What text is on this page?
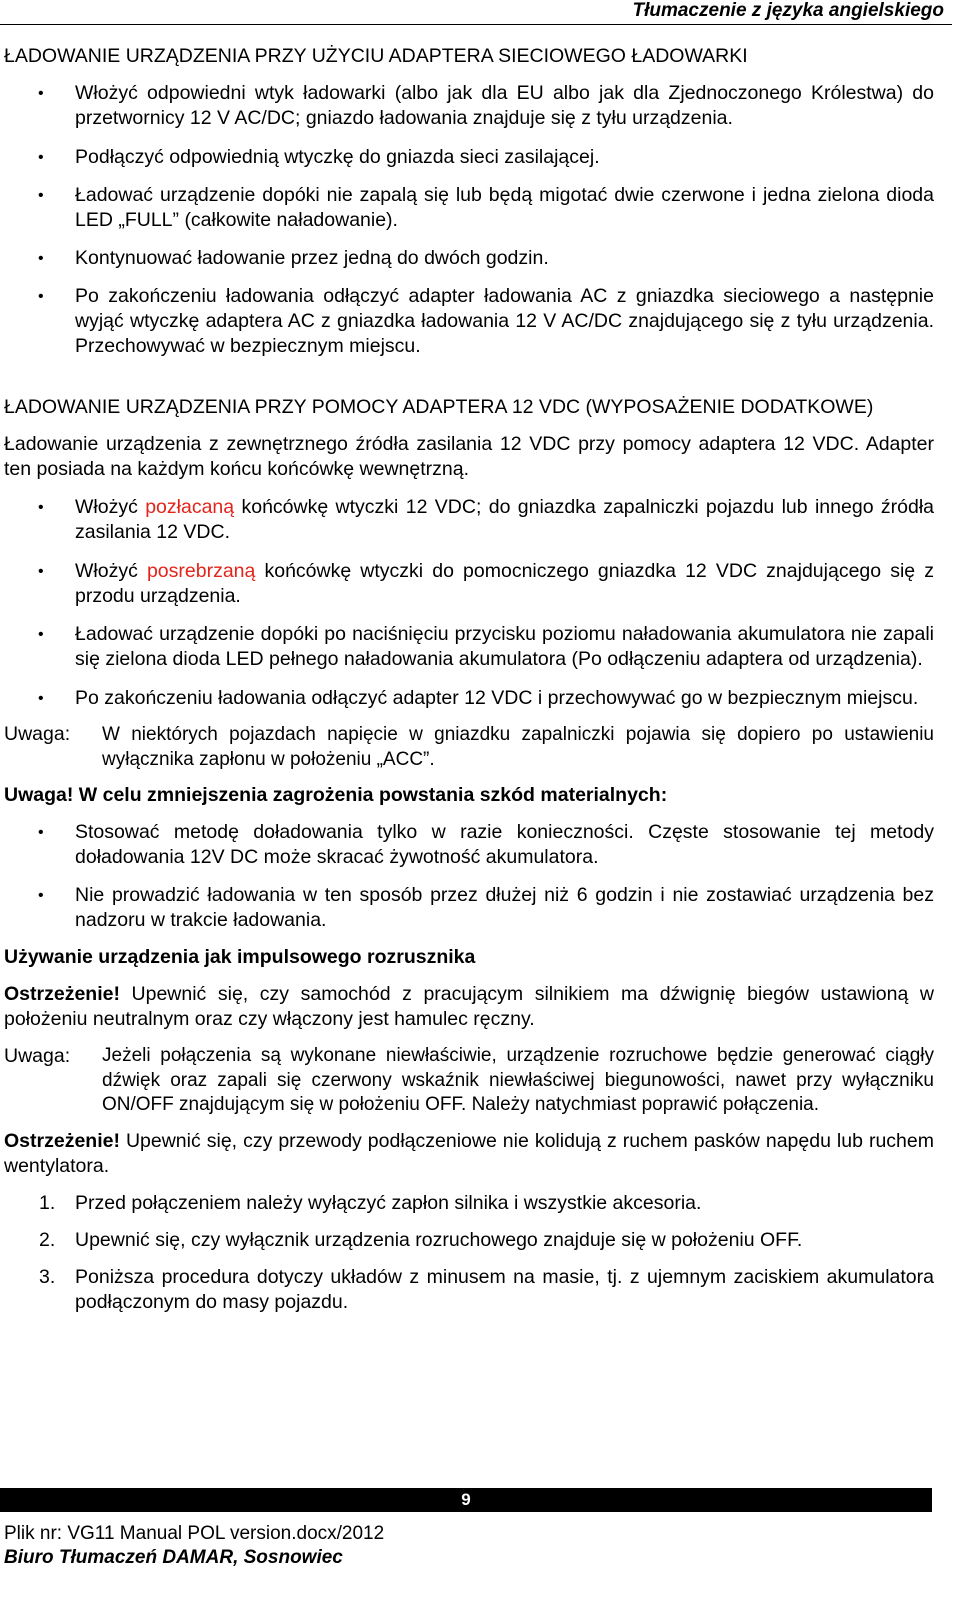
Tłumaczenie z języka angielskiego

ŁADOWANIE URZĄDZENIA PRZY UŻYCIU ADAPTERA SIECIOWEGO ŁADOWARKI

• Włożyć odpowiedni wtyk ładowarki (albo jak dla EU albo jak dla Zjednoczonego Królestwa) do przetwornicy 12 V AC/DC; gniazdo ładowania znajduje się z tyłu urządzenia.
• Podłączyć odpowiednią wtyczkę do gniazda sieci zasilającej.
• Ładować urządzenie dopóki nie zapalą się lub będą migotać dwie czerwone i jedna zielona dioda LED „FULL” (całkowite naładowanie).
• Kontynuować ładowanie przez jedną do dwóch godzin.
• Po zakończeniu ładowania odłączyć adapter ładowania AC z gniazdka sieciowego a następnie wyjąć wtyczkę adaptera AC z gniazdka ładowania 12 V AC/DC znajdującego się z tyłu urządzenia. Przechowywać w bezpiecznym miejscu.

ŁADOWANIE URZĄDZENIA PRZY POMOCY ADAPTERA 12 VDC (WYPOSAŻENIE DODATKOWE)

Ładowanie urządzenia z zewnętrznego źródła zasilania 12 VDC przy pomocy adaptera 12 VDC. Adapter ten posiada na każdym końcu końcówkę wewnętrzną.

• Włożyć pozłacaną końcówkę wtyczki 12 VDC; do gniazdka zapalniczki pojazdu lub innego źródła zasilania 12 VDC.
• Włożyć posrebrzaną końcówkę wtyczki do pomocniczego gniazdka 12 VDC znajdującego się z przodu urządzenia.
• Ładować urządzenie dopóki po naciśnięciu przycisku poziomu naładowania akumulatora nie zapali się zielona dioda LED pełnego naładowania akumulatora (Po odłączeniu adaptera od urządzenia).
• Po zakończeniu ładowania odłączyć adapter 12 VDC i przechowywać go w bezpiecznym miejscu.
Uwaga:	W niektórych pojazdach napięcie w gniazdku zapalniczki pojawia się dopiero po ustawieniu wyłącznika zapłonu w położeniu „ACC”.

Uwaga! W celu zmniejszenia zagrożenia powstania szkód materialnych:

• Stosować metodę doładowania tylko w razie konieczności. Częste stosowanie tej metody doładowania 12V DC może skracać żywotność akumulatora.
• Nie prowadzić ładowania w ten sposób przez dłużej niż 6 godzin i nie zostawiać urządzenia bez nadzoru w trakcie ładowania.

Używanie urządzenia jak impulsowego rozrusznika

Ostrzeżenie! Upewnić się, czy samochód z pracującym silnikiem ma dźwignię biegów ustawioną w położeniu neutralnym oraz czy włączony jest hamulec ręczny.

Uwaga:	Jeżeli połączenia są wykonane niewłaściwie, urządzenie rozruchowe będzie generować ciągły dźwięk oraz zapali się czerwony wskaźnik niewłaściwej biegunowości, nawet przy wyłączniku ON/OFF znajdującym się w położeniu OFF. Należy natychmiast poprawić połączenia.

Ostrzeżenie! Upewnić się, czy przewody podłączeniowe nie kolidują z ruchem pasków napędu lub ruchem wentylatora.

1. Przed połączeniem należy wyłączyć zapłon silnika i wszystkie akcesoria.
2. Upewnić się, czy wyłącznik urządzenia rozruchowego znajduje się w położeniu OFF.
3. Poniższa procedura dotyczy układów z minusem na masie, tj. z ujemnym zaciskiem akumulatora podłączonym do masy pojazdu.
9
Plik nr: VG11 Manual POL version.docx/2012
Biuro Tłumaczeń DAMAR, Sosnowiec
